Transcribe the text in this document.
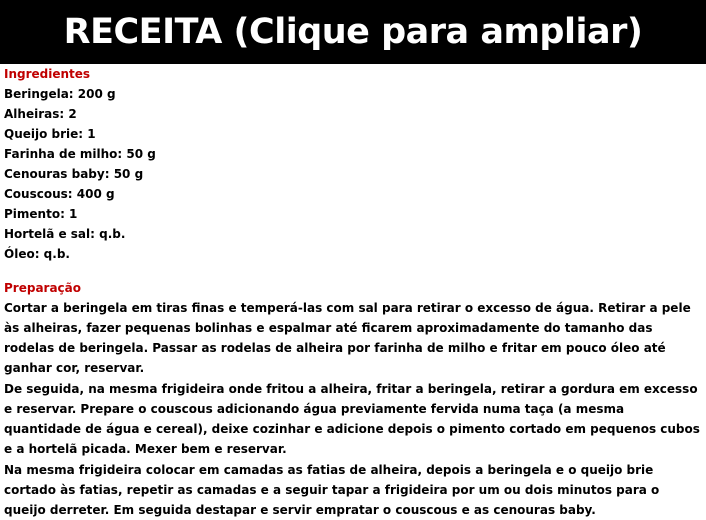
RECEITA (Clique para ampliar)
Ingredientes
Beringela: 200 g
Alheiras: 2
Queijo brie: 1
Farinha de milho: 50 g
Cenouras baby: 50 g
Couscous: 400 g
Pimento: 1
Hortelã e sal: q.b.
Óleo: q.b.
Preparação
Cortar a beringela em tiras finas e temperá-las com sal para retirar o excesso de água. Retirar a pele às alheiras, fazer pequenas bolinhas e espalmar até ficarem aproximadamente do tamanho das rodelas de beringela. Passar as rodelas de alheira por farinha de milho e fritar em pouco óleo até ganhar cor, reservar.
De seguida, na mesma frigideira onde fritou a alheira, fritar a beringela, retirar a gordura em excesso e reservar. Prepare o couscous adicionando água previamente fervida numa taça (a mesma quantidade de água e cereal), deixe cozinhar e adicione depois o pimento cortado em pequenos cubos e a hortelã picada. Mexer bem e reservar.
Na mesma frigideira colocar em camadas as fatias de alheira, depois a beringela e o queijo brie cortado às fatias, repetir as camadas e a seguir tapar a frigideira por um ou dois minutos para o queijo derreter. Em seguida destapar e servir empratar o couscous e as cenouras baby.
